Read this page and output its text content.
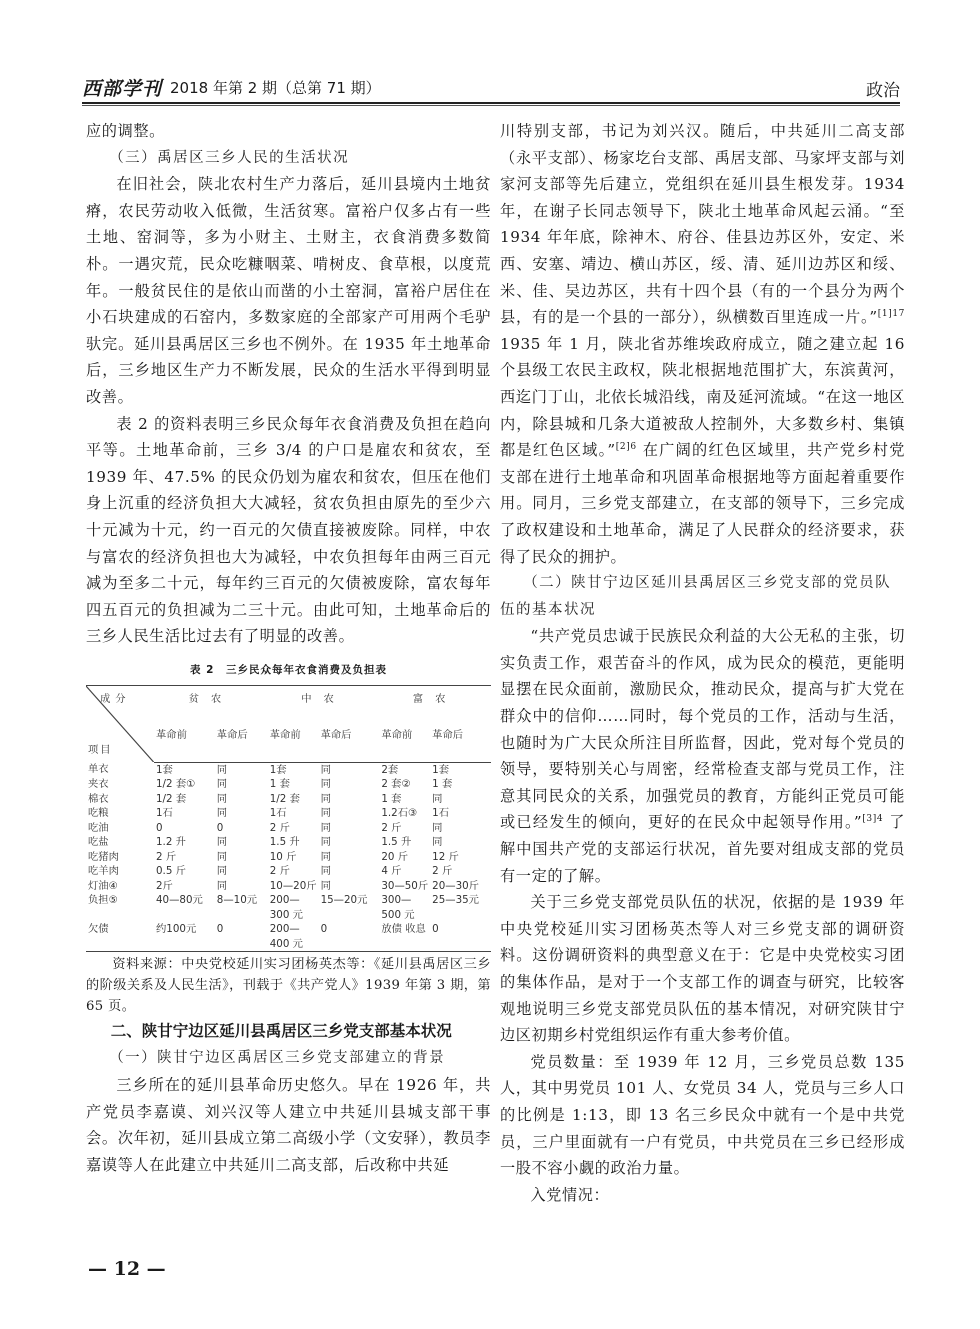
西部学刊 2018 年第 2 期（总第 71 期）	政治

应的调整。

（三）禹居区三乡人民的生活状况

在旧社会，陕北农村生产力落后，延川县境内土地贫瘠，农民劳动收入低微，生活贫寒。富裕户仅多占有一些土地、窑洞等，多为小财主、土财主，衣食消费多数简朴。一遇灾荒，民众吃糠咽菜、啃树皮、食草根，以度荒年。一般贫民住的是依山而凿的小土窑洞，富裕户居住在小石块建成的石窑内，多数家庭的全部家产可用两个毛驴驮完。延川县禹居区三乡也不例外。在 1935 年土地革命后，三乡地区生产力不断发展，民众的生活水平得到明显改善。

表 2 的资料表明三乡民众每年衣食消费及负担在趋向平等。土地革命前，三乡 3/4 的户口是雇农和贫农，至 1939 年、47.5% 的民众仍划为雇农和贫农，但压在他们身上沉重的经济负担大大减轻，贫农负担由原先的至少六十元减为十元，约一百元的欠债直接被废除。同样，中农与富农的经济负担也大为减轻，中农负担每年由两三百元减为至多二十元，每年约三百元的欠债被废除，富农每年四五百元的负担减为二三十元。由此可知，土地革命后的三乡人民生活比过去有了明显的改善。

表 2　三乡民众每年衣食消费及负担表
成分
项目	贫农		中农		富农	
	革命前	革命后	革命前	革命后	革命前	革命后
单衣	1套	同	1套	同	2套	1套
夹衣	1/2 套①	同	1 套	同	2 套②	1 套
棉衣	1/2 套	同	1/2 套	同	1 套	同
吃粮	1石	同	1石	同	1.2石③	1石
吃油	0	0	2 斤	同	2 斤	同
吃盐	1.2 升	同	1.5 升	同	1.5 升	同
吃猪肉	2 斤	同	10 斤	同	20 斤	12 斤
吃羊肉	0.5 斤	同	2 斤	同	4 斤	2 斤
灯油④	2斤	同	10—20斤	同	30—50斤	20—30斤
负担⑤	40—80元	8—10元	200—300 元	15—20元	300—500 元	25—35元
欠债	约100元	0	200—400 元	0	放债 收息	0

资料来源：中央党校延川实习团杨英杰等：《延川县禹居区三乡的阶级关系及人民生活》，刊载于《共产党人》1939 年第 3 期，第 65 页。

二、陕甘宁边区延川县禹居区三乡党支部基本状况

（一）陕甘宁边区禹居区三乡党支部建立的背景

三乡所在的延川县革命历史悠久。早在 1926 年，共产党员李嘉谟、刘兴汉等人建立中共延川县城支部干事会。次年初，延川县成立第二高级小学（文安驿），教员李嘉谟等人在此建立中共延川二高支部，后改称中共延

川特别支部，书记为刘兴汉。随后，中共延川二高支部（永平支部）、杨家圪台支部、禹居支部、马家坪支部与刘家河支部等先后建立，党组织在延川县生根发芽。1934 年，在谢子长同志领导下，陕北土地革命风起云涌。“至 1934 年年底，除神木、府谷、佳县边苏区外，安定、米西、安塞、靖边、横山苏区，绥、清、延川边苏区和绥、米、佳、吴边苏区，共有十四个县（有的一个县分为两个县，有的是一个县的一部分），纵横数百里连成一片。”$^{[1]17}$ 1935 年 1 月，陕北省苏维埃政府成立，随之建立起 16 个县级工农民主政权，陕北根据地范围扩大，东滨黄河，西迄门丁山，北依长城沿线，南及延河流域。“在这一地区内，除县城和几条大道被敌人控制外，大多数乡村、集镇都是红色区域。”$^{[2]6}$ 在广阔的红色区域里，共产党乡村党支部在进行土地革命和巩固革命根据地等方面起着重要作用。同月，三乡党支部建立，在支部的领导下，三乡完成了政权建设和土地革命，满足了人民群众的经济要求，获得了民众的拥护。

（二）陕甘宁边区延川县禹居区三乡党支部的党员队伍的基本状况

“共产党员忠诚于民族民众利益的大公无私的主张，切实负责工作，艰苦奋斗的作风，成为民众的模范，更能明显摆在民众面前，激励民众，推动民众，提高与扩大党在群众中的信仰……同时，每个党员的工作，活动与生活，也随时为广大民众所注目所监督，因此，党对每个党员的领导，要特别关心与周密，经常检查支部与党员工作，注意其同民众的关系，加强党员的教育，方能纠正党员可能或已经发生的倾向，更好的在民众中起领导作用。”$^{[3]4}$ 了解中国共产党的支部运行状况，首先要对组成支部的党员有一定的了解。

关于三乡党支部党员队伍的状况，依据的是 1939 年中央党校延川实习团杨英杰等人对三乡党支部的调研资料。这份调研资料的典型意义在于：它是中央党校实习团的集体作品，是对于一个支部工作的调查与研究，比较客观地说明三乡党支部党员队伍的基本情况，对研究陕甘宁边区初期乡村党组织运作有重大参考价值。

党员数量：至 1939 年 12 月，三乡党员总数 135 人，其中男党员 101 人、女党员 34 人，党员与三乡人口的比例是 1:13，即 13 名三乡民众中就有一个是中共党员，三户里面就有一户有党员，中共党员在三乡已经形成一股不容小觑的政治力量。

入党情况：

— 12 —
